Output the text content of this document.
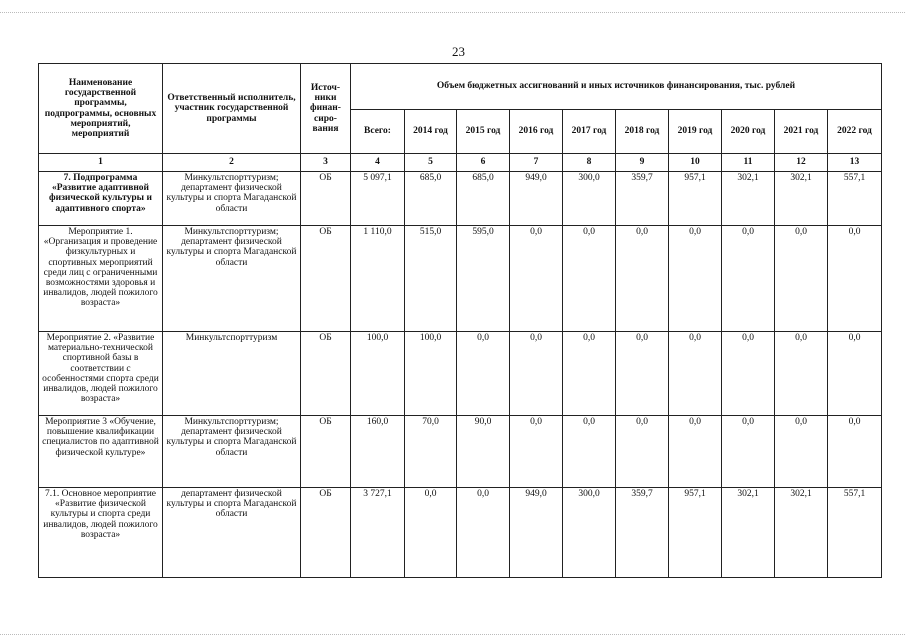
23
Наименование государственной программы, подпрограммы, основных мероприятий, мероприятий	Ответственный исполнитель, участник государственной программы	Источ-ники финан-сиро-вания	Объем бюджетных ассигнований и иных источников финансирования, тыс. рублей									
			Всего:	2014 год	2015 год	2016 год	2017 год	2018 год	2019 год	2020 год	2021 год	2022 год
1	2	3	4	5	6	7	8	9	10	11	12	13
7. Подпрограмма «Развитие адаптивной физической культуры и адаптивного спорта»	Минкультспорттуризм; департамент физической культуры и спорта Магаданской области	ОБ	5 097,1	685,0	685,0	949,0	300,0	359,7	957,1	302,1	302,1	557,1
Мероприятие 1. «Организация и проведение физкультурных и спортивных мероприятий среди лиц с ограниченными возможностями здоровья и инвалидов, людей пожилого возраста»	Минкультспорттуризм; департамент физической культуры и спорта Магаданской области	ОБ	1 110,0	515,0	595,0	0,0	0,0	0,0	0,0	0,0	0,0	0,0
Мероприятие 2. «Развитие материально-технической спортивной базы в соответствии с особенностями спорта среди инвалидов, людей пожилого возраста»	Минкультспорттуризм	ОБ	100,0	100,0	0,0	0,0	0,0	0,0	0,0	0,0	0,0	0,0
Мероприятие 3 «Обучение, повышение квалификации специалистов по адаптивной физической культуре»	Минкультспорттуризм; департамент физической культуры и спорта Магаданской области	ОБ	160,0	70,0	90,0	0,0	0,0	0,0	0,0	0,0	0,0	0,0
7.1. Основное мероприятие «Развитие физической культуры и спорта среди инвалидов, людей пожилого возраста»	департамент физической культуры и спорта Магаданской области	ОБ	3 727,1	0,0	0,0	949,0	300,0	359,7	957,1	302,1	302,1	557,1
